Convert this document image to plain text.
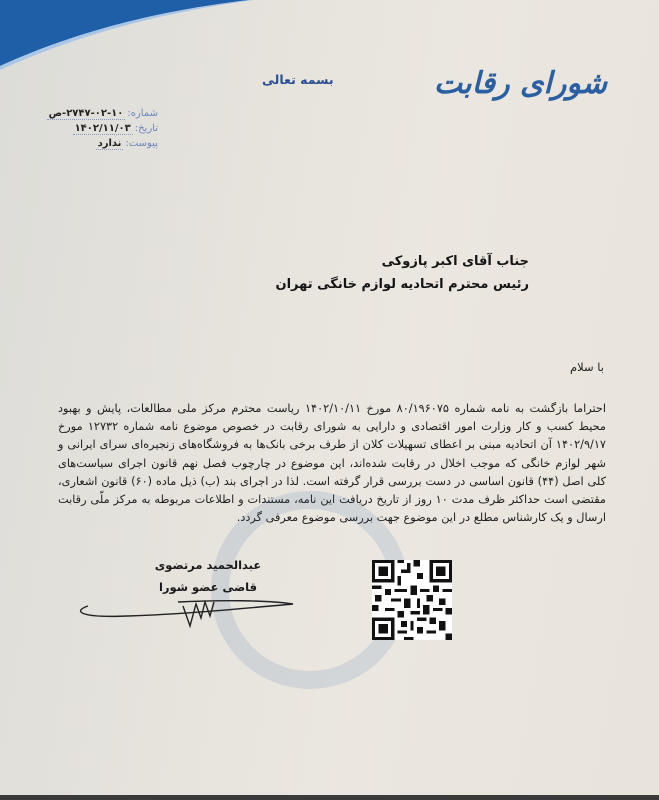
شورای رقابت
بسمه تعالی
شماره:
۲۷۴۷-۰۲-۱۰-ص
تاریخ:
۱۴۰۲/۱۱/۰۳
پیوست:
ندارد
جناب آقای اکبر پازوکی
رئیس محترم اتحادیه لوازم خانگی تهران
با سلام
احتراما بازگشت به نامه شماره ۸۰/۱۹۶۰۷۵ مورخ ۱۴۰۲/۱۰/۱۱ ریاست محترم مرکز ملی مطالعات، پایش و بهبود محیط کسب و کار وزارت امور اقتصادی و دارایی به شورای رقابت در خصوص موضوع نامه شماره ۱۲۷۳۲ مورخ ۱۴۰۲/۹/۱۷ آن اتحادیه مبنی بر اعطای تسهیلات کلان از طرف برخی بانک‌ها به فروشگاه‌های زنجیره‌ای سرای ایرانی و شهر لوازم خانگی که موجب اخلال در رقابت شده‌اند، این موضوع در چارچوب فصل نهم قانون اجرای سیاست‌های کلی اصل (۴۴) قانون اساسی در دست بررسی قرار گرفته است. لذا در اجرای بند (ب) ذیل ماده (۶۰) قانون اشعاری، مقتضی است حداکثر ظرف مدت ۱۰ روز از تاریخ دریافت این نامه، مستندات و اطلاعات مربوطه به مرکز ملّی رقابت ارسال و یک کارشناس مطلع در این موضوع جهت بررسی موضوع معرفی گردد.
عبدالحمید مرتضوی
قاضی عضو شورا
